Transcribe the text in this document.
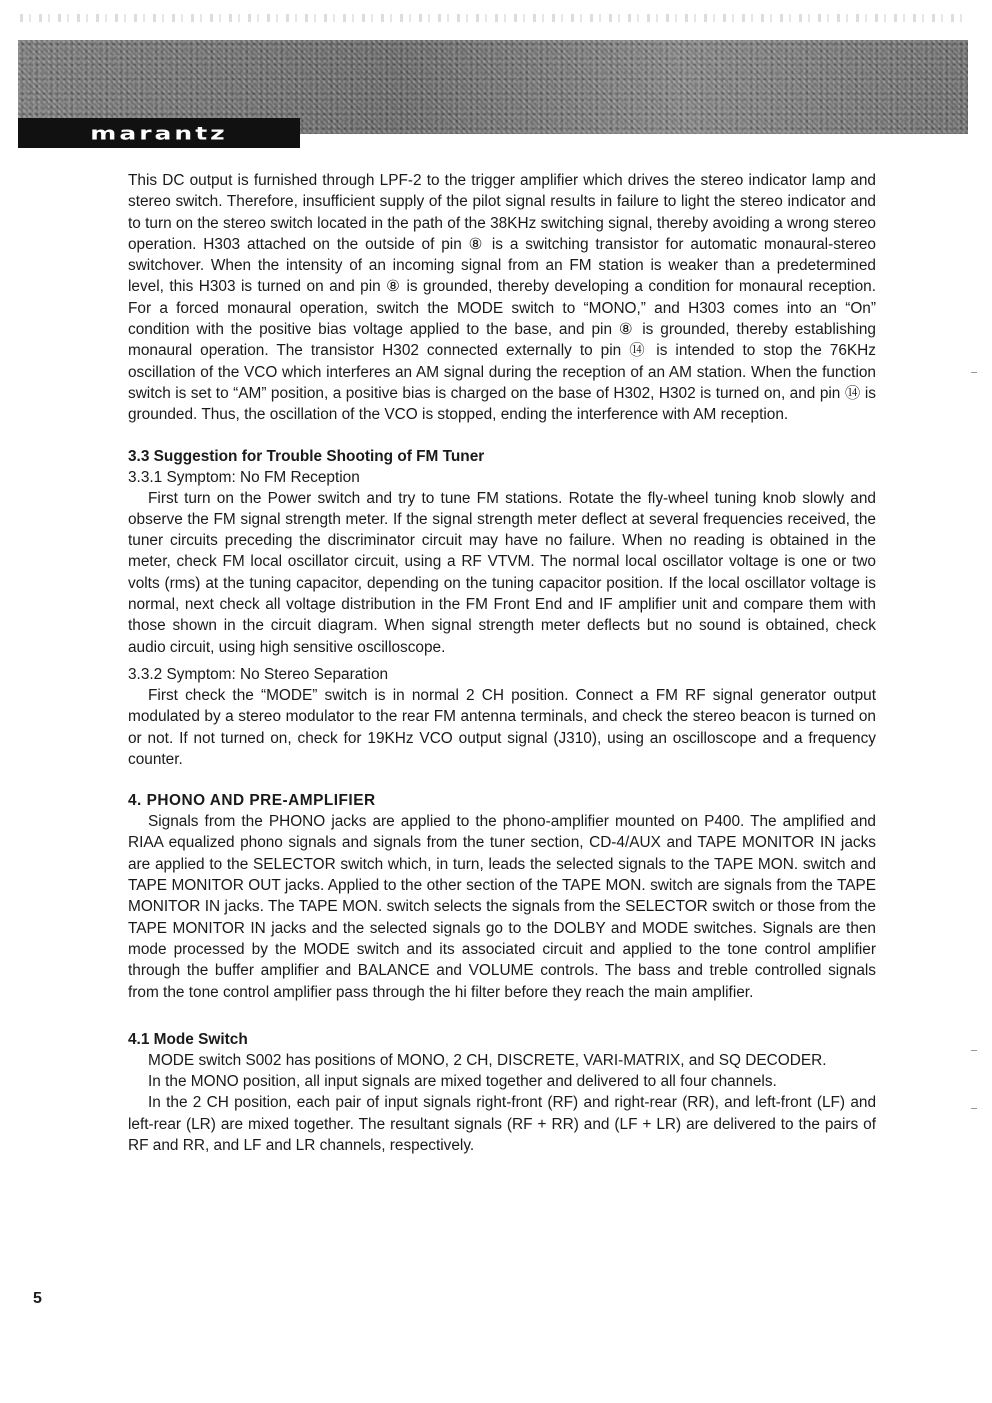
marantz

This DC output is furnished through LPF-2 to the trigger amplifier which drives the stereo indicator lamp and stereo switch. Therefore, insufficient supply of the pilot signal results in failure to light the stereo indicator and to turn on the stereo switch located in the path of the 38KHz switching signal, thereby avoiding a wrong stereo operation. H303 attached on the outside of pin ⑧ is a switching transistor for automatic monaural-stereo switchover. When the intensity of an incoming signal from an FM station is weaker than a predetermined level, this H303 is turned on and pin ⑧ is grounded, thereby developing a condition for monaural reception. For a forced monaural operation, switch the MODE switch to “MONO,” and H303 comes into an “On” condition with the positive bias voltage applied to the base, and pin ⑧ is grounded, thereby establishing monaural operation. The transistor H302 connected externally to pin ⑭ is intended to stop the 76KHz oscillation of the VCO which interferes an AM signal during the reception of an AM station. When the function switch is set to “AM” position, a positive bias is charged on the base of H302, H302 is turned on, and pin ⑭ is grounded. Thus, the oscillation of the VCO is stopped, ending the interference with AM reception.

3.3 Suggestion for Trouble Shooting of FM Tuner
3.3.1 Symptom: No FM Reception

First turn on the Power switch and try to tune FM stations. Rotate the fly-wheel tuning knob slowly and observe the FM signal strength meter. If the signal strength meter deflect at several frequencies received, the tuner circuits preceding the discriminator circuit may have no failure. When no reading is obtained in the meter, check FM local oscillator circuit, using a RF VTVM. The normal local oscillator voltage is one or two volts (rms) at the tuning capacitor, depending on the tuning capacitor position. If the local oscillator voltage is normal, next check all voltage distribution in the FM Front End and IF amplifier unit and compare them with those shown in the circuit diagram. When signal strength meter deflects but no sound is obtained, check audio circuit, using high sensitive oscilloscope.

3.3.2 Symptom: No Stereo Separation

First check the “MODE” switch is in normal 2 CH position. Connect a FM RF signal generator output modulated by a stereo modulator to the rear FM antenna terminals, and check the stereo beacon is turned on or not. If not turned on, check for 19KHz VCO output signal (J310), using an oscilloscope and a frequency counter.

4. PHONO AND PRE-AMPLIFIER

Signals from the PHONO jacks are applied to the phono-amplifier mounted on P400. The amplified and RIAA equalized phono signals and signals from the tuner section, CD-4/AUX and TAPE MONITOR IN jacks are applied to the SELECTOR switch which, in turn, leads the selected signals to the TAPE MON. switch and TAPE MONITOR OUT jacks. Applied to the other section of the TAPE MON. switch are signals from the TAPE MONITOR IN jacks. The TAPE MON. switch selects the signals from the SELECTOR switch or those from the TAPE MONITOR IN jacks and the selected signals go to the DOLBY and MODE switches. Signals are then mode processed by the MODE switch and its associated circuit and applied to the tone control amplifier through the buffer amplifier and BALANCE and VOLUME controls. The bass and treble controlled signals from the tone control amplifier pass through the hi filter before they reach the main amplifier.

4.1 Mode Switch

MODE switch S002 has positions of MONO, 2 CH, DISCRETE, VARI-MATRIX, and SQ DECODER.

In the MONO position, all input signals are mixed together and delivered to all four channels.

In the 2 CH position, each pair of input signals right-front (RF) and right-rear (RR), and left-front (LF) and left-rear (LR) are mixed together. The resultant signals (RF + RR) and (LF + LR) are delivered to the pairs of RF and RR, and LF and LR channels, respectively.

5
